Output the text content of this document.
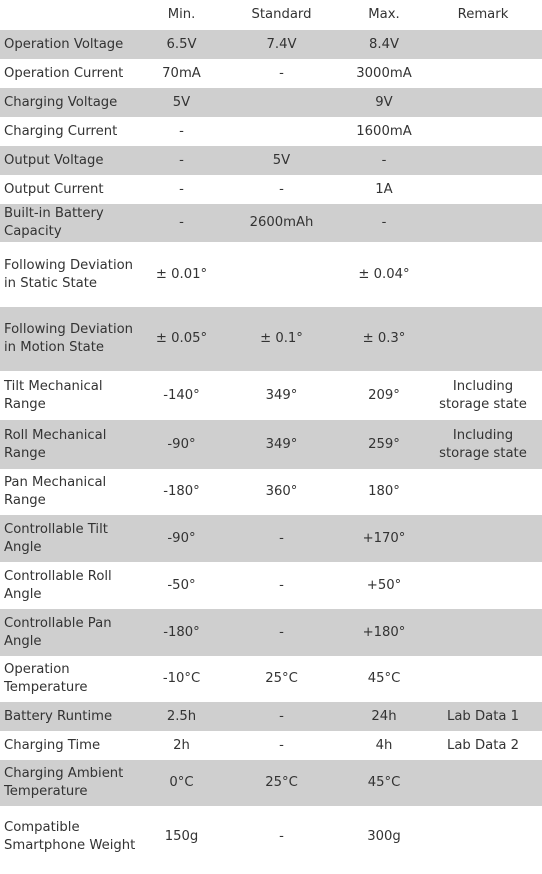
	Min.	Standard	Max.	Remark
Operation Voltage	6.5V	7.4V	8.4V	
Operation Current	70mA	-	3000mA	
Charging Voltage	5V		9V	
Charging Current	-		1600mA	
Output Voltage	-	5V	-	
Output Current	-	-	1A	
Built-in Battery Capacity	-	2600mAh	-	
Following Deviation in Static State	± 0.01°		± 0.04°	
Following Deviation in Motion State	± 0.05°	± 0.1°	± 0.3°	
Tilt Mechanical Range	-140°	349°	209°	Including storage state
Roll Mechanical Range	-90°	349°	259°	Including storage state
Pan Mechanical Range	-180°	360°	180°	
Controllable Tilt Angle	-90°	-	+170°	
Controllable Roll Angle	-50°	-	+50°	
Controllable Pan Angle	-180°	-	+180°	
Operation Temperature	-10°C	25°C	45°C	
Battery Runtime	2.5h	-	24h	Lab Data 1
Charging Time	2h	-	4h	Lab Data 2
Charging Ambient Temperature	0°C	25°C	45°C	
Compatible Smartphone Weight	150g	-	300g	
